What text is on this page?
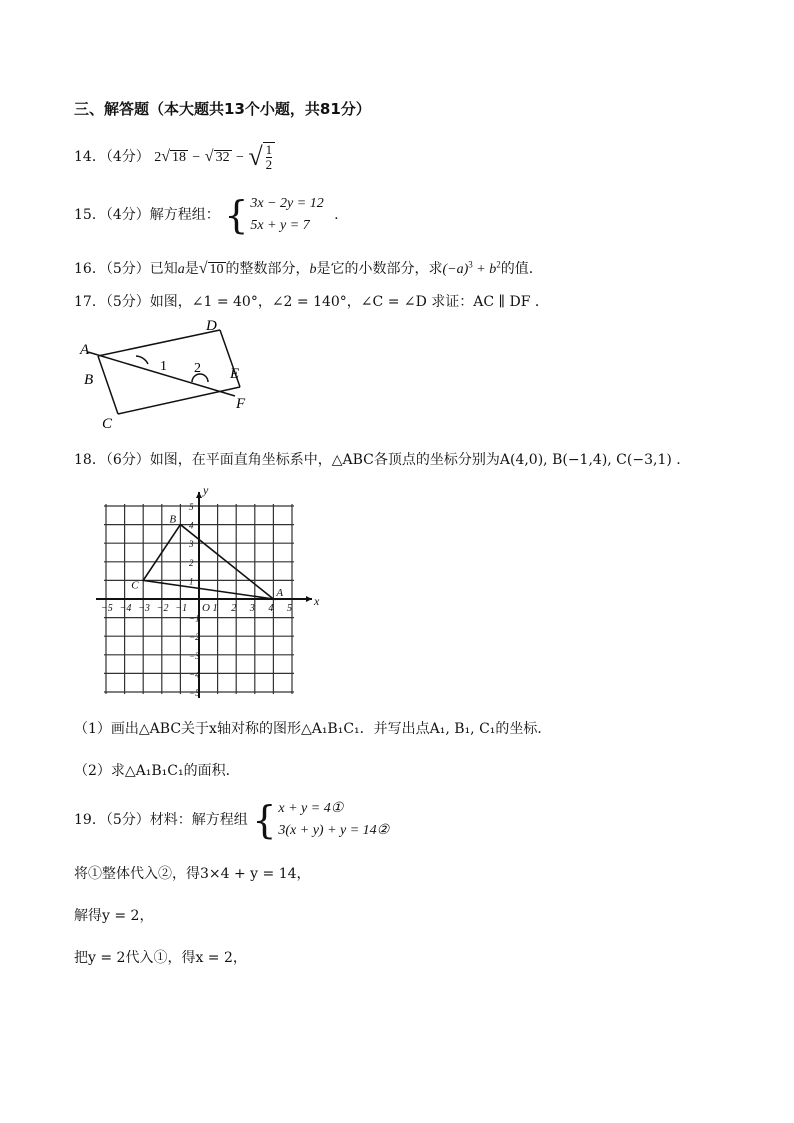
三、解答题（本大题共13个小题，共81分）
14．（4分） 2√ 18 − √ 32 − √ $\frac{1}{2}$
15．（4分）解方程组： { 3x − 2y = 12
5x + y = 7
.
16．（5分）已知a是√ 10 的整数部分，b是它的小数部分，求$(-a)^3 + b^2$的值．
17．（5分）如图，∠1 = 40°，∠2 = 140°，∠C = ∠D 求证：AC ∥ DF ．
A
B
C
D
E
F
1 2
18．（6分）如图，在平面直角坐标系中，△ABC各顶点的坐标分别为A(4,0), B(−1,4), C(−3,1) .
x
y
O
−5 −4 −3 −2 −1	1 2 3 4 5
5
4
3
2
1
−1
−2
−3
−4
−5
A
B
C
（1）画出△ABC关于x轴对称的图形△A₁B₁C₁．并写出点A₁, B₁, C₁的坐标．
（2）求△A₁B₁C₁的面积．
19．（5分）材料：解方程组 { x + y = 4①
3(x + y) + y = 14②
将①整体代入②，得3×4 + y = 14，
解得y = 2，
把y = 2代入①，得x = 2，
